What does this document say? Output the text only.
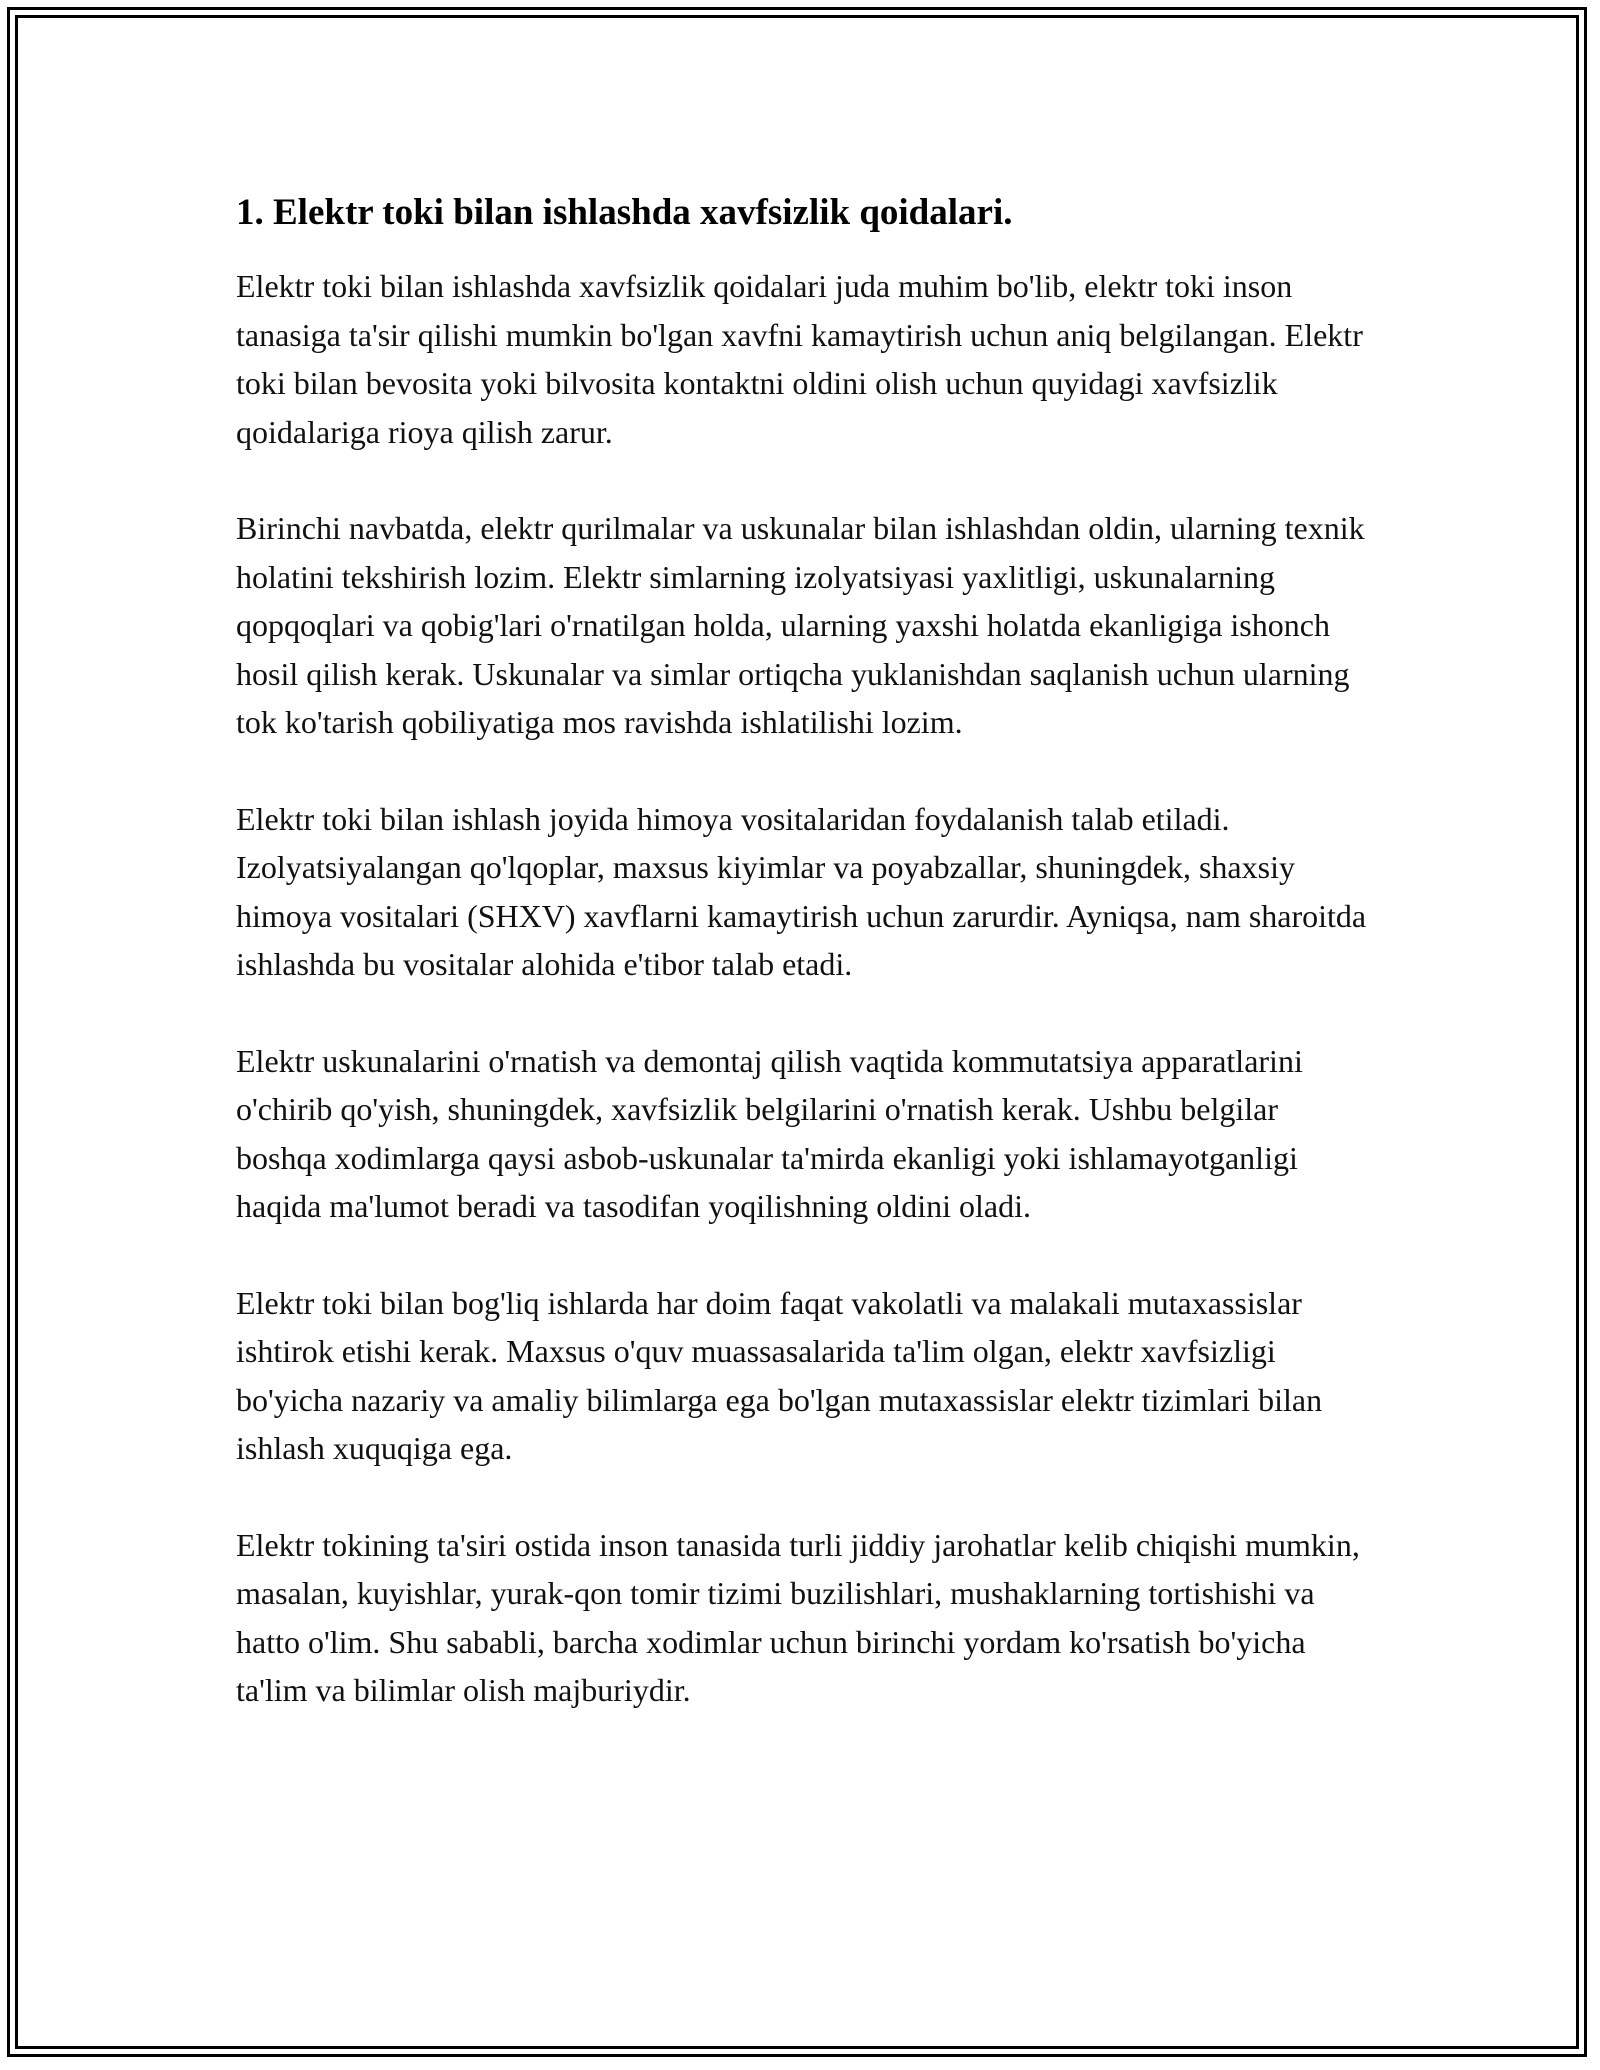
1. Elektr toki bilan ishlashda xavfsizlik qoidalari.

Elektr toki bilan ishlashda xavfsizlik qoidalari juda muhim bo'lib, elektr toki inson tanasiga ta'sir qilishi mumkin bo'lgan xavfni kamaytirish uchun aniq belgilangan. Elektr toki bilan bevosita yoki bilvosita kontaktni oldini olish uchun quyidagi xavfsizlik qoidalariga rioya qilish zarur.

Birinchi navbatda, elektr qurilmalar va uskunalar bilan ishlashdan oldin, ularning texnik holatini tekshirish lozim. Elektr simlarning izolyatsiyasi yaxlitligi, uskunalarning qopqoqlari va qobig'lari o'rnatilgan holda, ularning yaxshi holatda ekanligiga ishonch hosil qilish kerak. Uskunalar va simlar ortiqcha yuklanishdan saqlanish uchun ularning tok ko'tarish qobiliyatiga mos ravishda ishlatilishi lozim.

Elektr toki bilan ishlash joyida himoya vositalaridan foydalanish talab etiladi. Izolyatsiyalangan qo'lqoplar, maxsus kiyimlar va poyabzallar, shuningdek, shaxsiy himoya vositalari (SHXV) xavflarni kamaytirish uchun zarurdir. Ayniqsa, nam sharoitda ishlashda bu vositalar alohida e'tibor talab etadi.

Elektr uskunalarini o'rnatish va demontaj qilish vaqtida kommutatsiya apparatlarini o'chirib qo'yish, shuningdek, xavfsizlik belgilarini o'rnatish kerak. Ushbu belgilar boshqa xodimlarga qaysi asbob-uskunalar ta'mirda ekanligi yoki ishlamayotganligi haqida ma'lumot beradi va tasodifan yoqilishning oldini oladi.

Elektr toki bilan bog'liq ishlarda har doim faqat vakolatli va malakali mutaxassislar ishtirok etishi kerak. Maxsus o'quv muassasalarida ta'lim olgan, elektr xavfsizligi bo'yicha nazariy va amaliy bilimlarga ega bo'lgan mutaxassislar elektr tizimlari bilan ishlash xuquqiga ega.

Elektr tokining ta'siri ostida inson tanasida turli jiddiy jarohatlar kelib chiqishi mumkin, masalan, kuyishlar, yurak-qon tomir tizimi buzilishlari, mushaklarning tortishishi va hatto o'lim. Shu sababli, barcha xodimlar uchun birinchi yordam ko'rsatish bo'yicha ta'lim va bilimlar olish majburiydir.
